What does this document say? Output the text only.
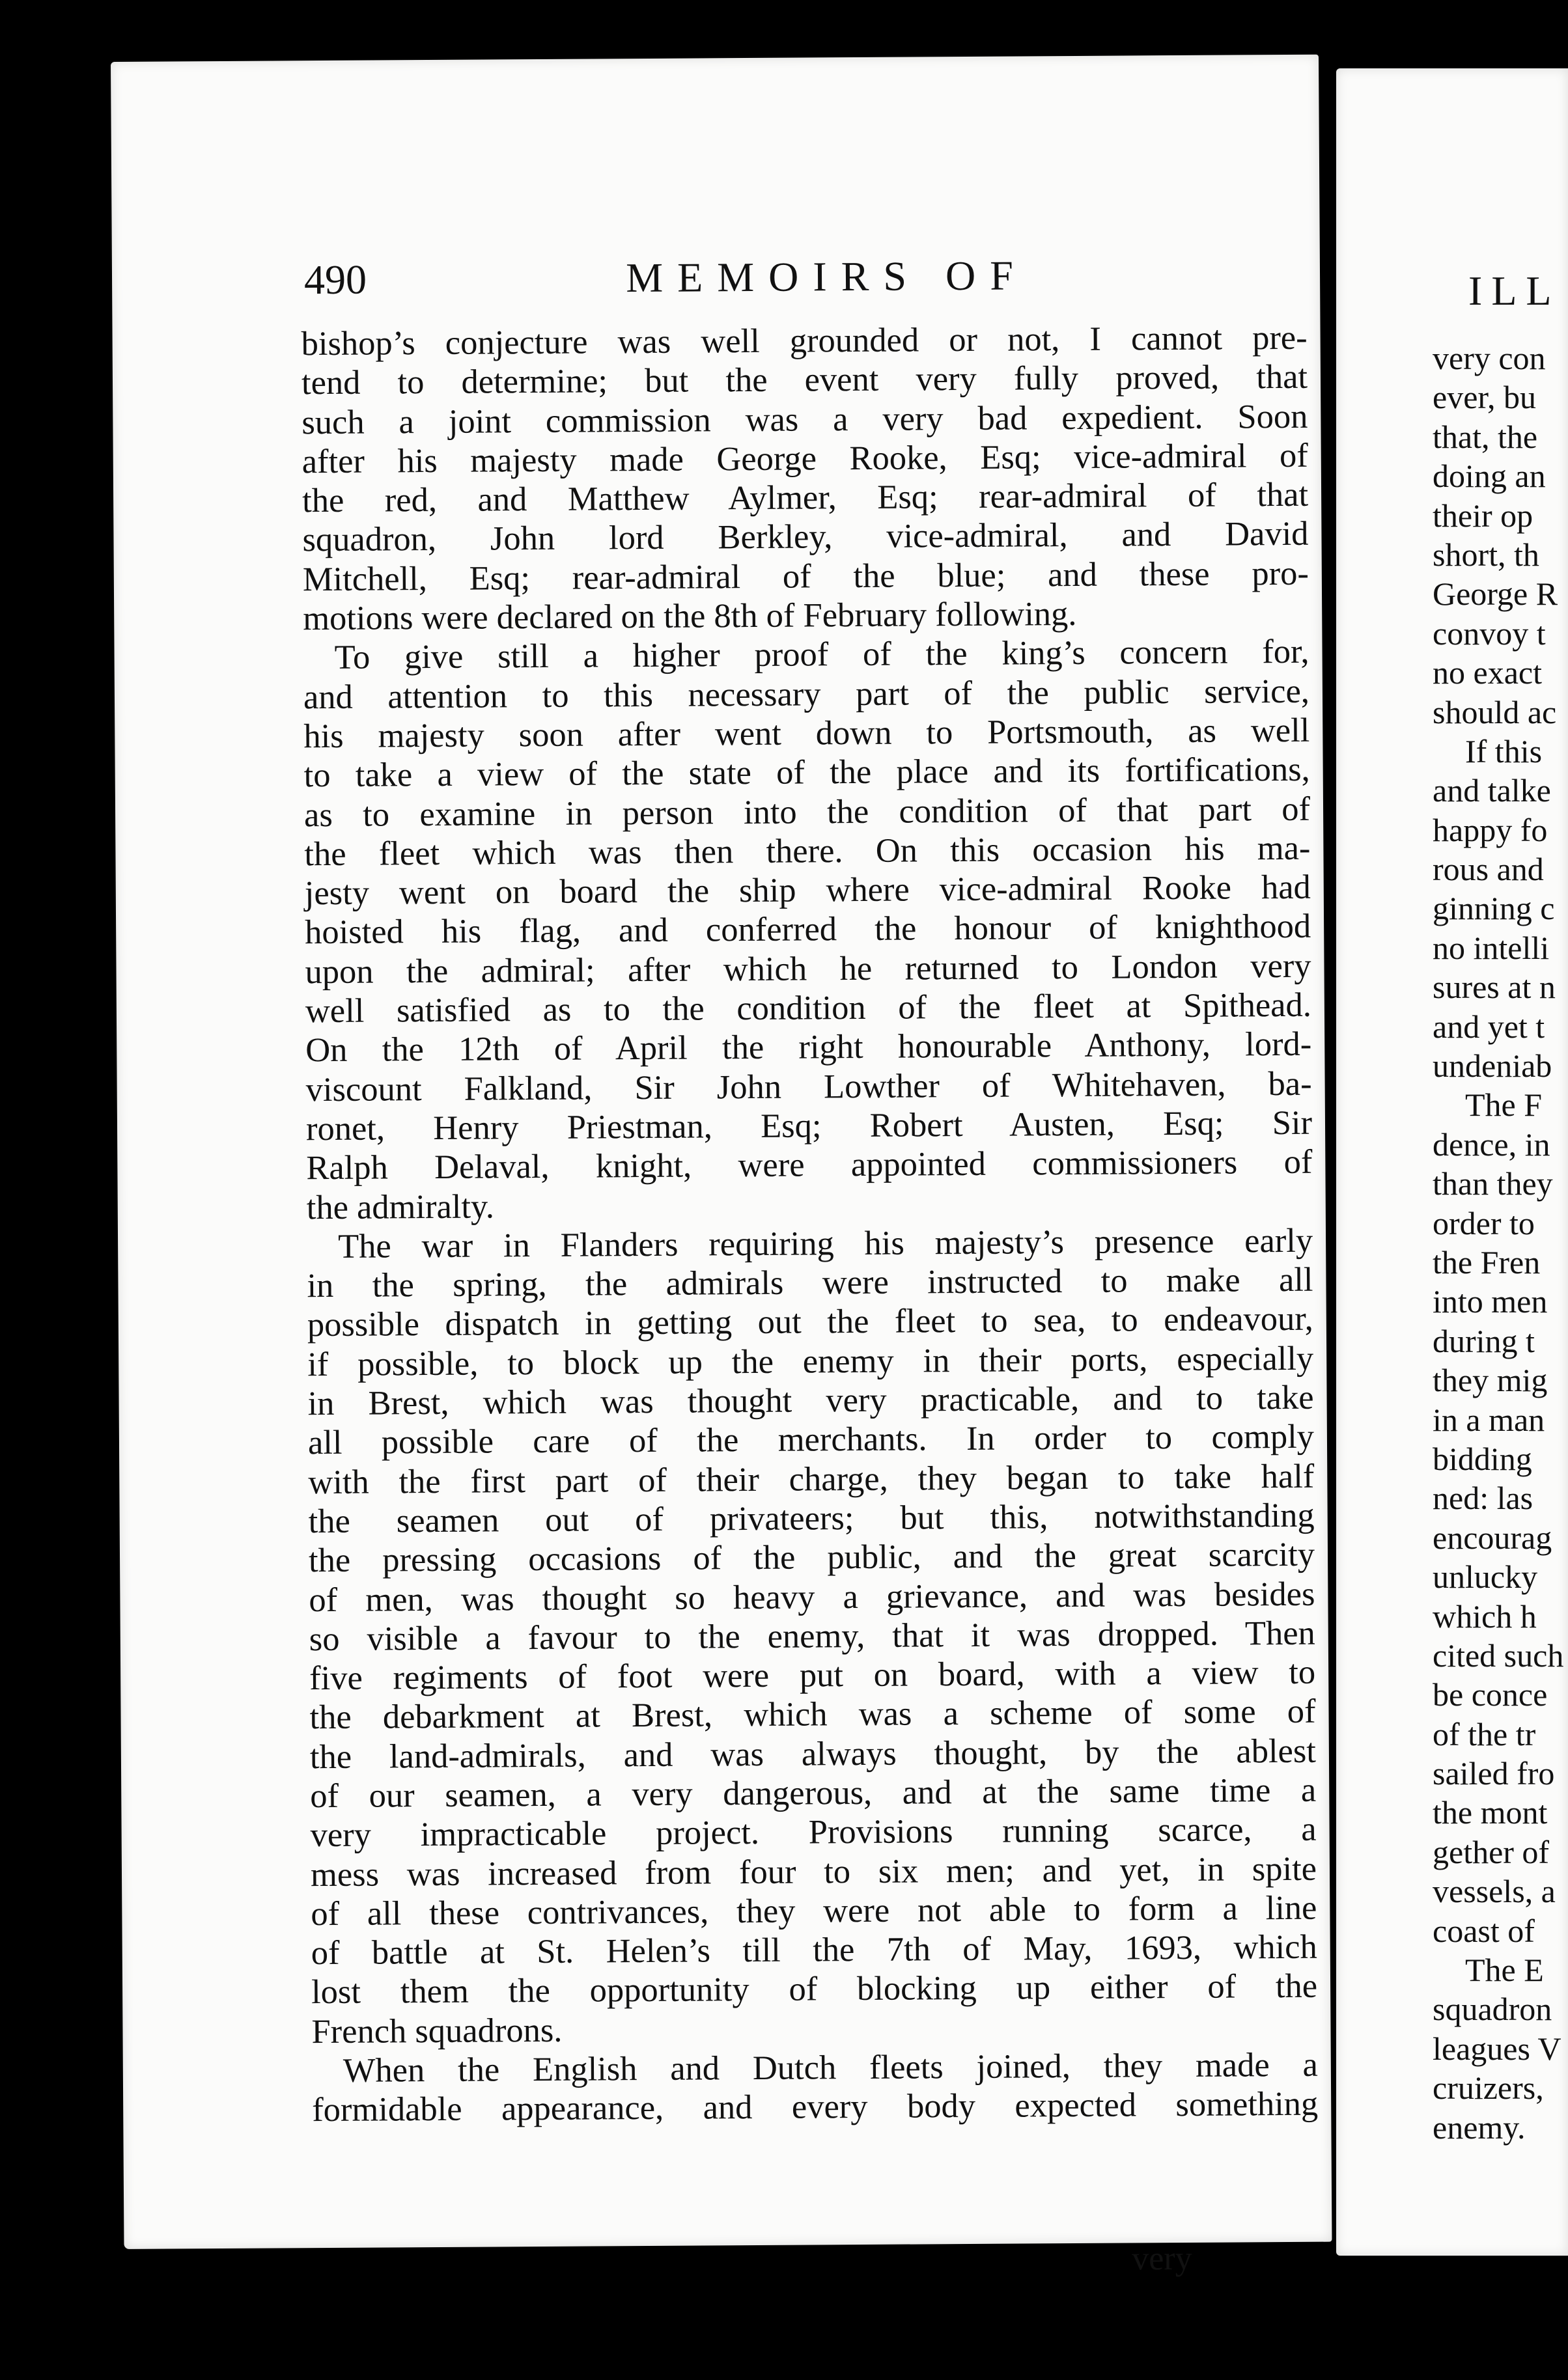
490	MEMOIRS OF
bishop’s conjecture was well grounded or not, I cannot pre-
tend to determine; but the event very fully proved, that
such a joint commission was a very bad expedient. Soon
after his majesty made George Rooke, Esq; vice-admiral of
the red, and Matthew Aylmer, Esq; rear-admiral of that
squadron, John lord Berkley, vice-admiral, and David
Mitchell, Esq; rear-admiral of the blue; and these pro-
motions were declared on the 8th of February following.
To give still a higher proof of the king’s concern for,
and attention to this necessary part of the public service,
his majesty soon after went down to Portsmouth, as well
to take a view of the state of the place and its fortifications,
as to examine in person into the condition of that part of
the fleet which was then there. On this occasion his ma-
jesty went on board the ship where vice-admiral Rooke had
hoisted his flag, and conferred the honour of knighthood
upon the admiral; after which he returned to London very
well satisfied as to the condition of the fleet at Spithead.
On the 12th of April the right honourable Anthony, lord-
viscount Falkland, Sir John Lowther of Whitehaven, ba-
ronet, Henry Priestman, Esq; Robert Austen, Esq; Sir
Ralph Delaval, knight, were appointed commissioners of
the admiralty.
The war in Flanders requiring his majesty’s presence early
in the spring, the admirals were instructed to make all
possible dispatch in getting out the fleet to sea, to endeavour,
if possible, to block up the enemy in their ports, especially
in Brest, which was thought very practicable, and to take
all possible care of the merchants. In order to comply
with the first part of their charge, they began to take half
the seamen out of privateers; but this, notwithstanding
the pressing occasions of the public, and the great scarcity
of men, was thought so heavy a grievance, and was besides
so visible a favour to the enemy, that it was dropped. Then
five regiments of foot were put on board, with a view to
the debarkment at Brest, which was a scheme of some of
the land-admirals, and was always thought, by the ablest
of our seamen, a very dangerous, and at the same time a
very impracticable project. Provisions running scarce, a
mess was increased from four to six men; and yet, in spite
of all these contrivances, they were not able to form a line
of battle at St. Helen’s till the 7th of May, 1693, which
lost them the opportunity of blocking up either of the
French squadrons.
When the English and Dutch fleets joined, they made a
formidable appearance, and every body expected something
very
ILL
very con
ever, bu
that, the
doing an
their op
short, th
George R
convoy t
no exact
should ac
If this
and talke
happy fo
rous and
ginning c
no intelli
sures at n
and yet t
undeniab
The F
dence, in
than they
order to
the Fren
into men
during t
they mig
in a man
bidding
ned: las
encourag
unlucky
which h
cited such
be conce
of the tr
sailed fro
the mont
gether of
vessels, a
coast of
The E
squadron
leagues V
cruizers,
enemy.
